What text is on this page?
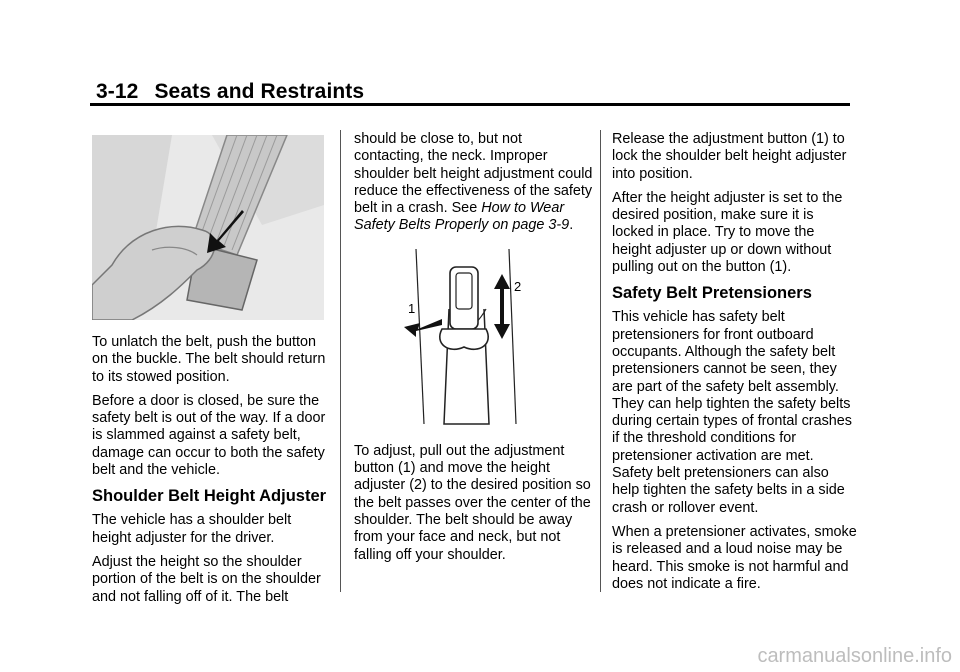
3-12 Seats and Restraints

To unlatch the belt, push the button on the buckle. The belt should return to its stowed position.

Before a door is closed, be sure the safety belt is out of the way. If a door is slammed against a safety belt, damage can occur to both the safety belt and the vehicle.

Shoulder Belt Height Adjuster

The vehicle has a shoulder belt height adjuster for the driver.

Adjust the height so the shoulder portion of the belt is on the shoulder and not falling off of it. The belt

should be close to, but not contacting, the neck. Improper shoulder belt height adjustment could reduce the effectiveness of the safety belt in a crash. See How to Wear Safety Belts Properly on page 3-9.

1
2

To adjust, pull out the adjustment button (1) and move the height adjuster (2) to the desired position so the belt passes over the center of the shoulder. The belt should be away from your face and neck, but not falling off your shoulder.

Release the adjustment button (1) to lock the shoulder belt height adjuster into position.

After the height adjuster is set to the desired position, make sure it is locked in place. Try to move the height adjuster up or down without pulling out on the button (1).

Safety Belt Pretensioners

This vehicle has safety belt pretensioners for front outboard occupants. Although the safety belt pretensioners cannot be seen, they are part of the safety belt assembly. They can help tighten the safety belts during certain types of frontal crashes if the threshold conditions for pretensioner activation are met. Safety belt pretensioners can also help tighten the safety belts in a side crash or rollover event.

When a pretensioner activates, smoke is released and a loud noise may be heard. This smoke is not harmful and does not indicate a fire.

carmanualsonline.info
